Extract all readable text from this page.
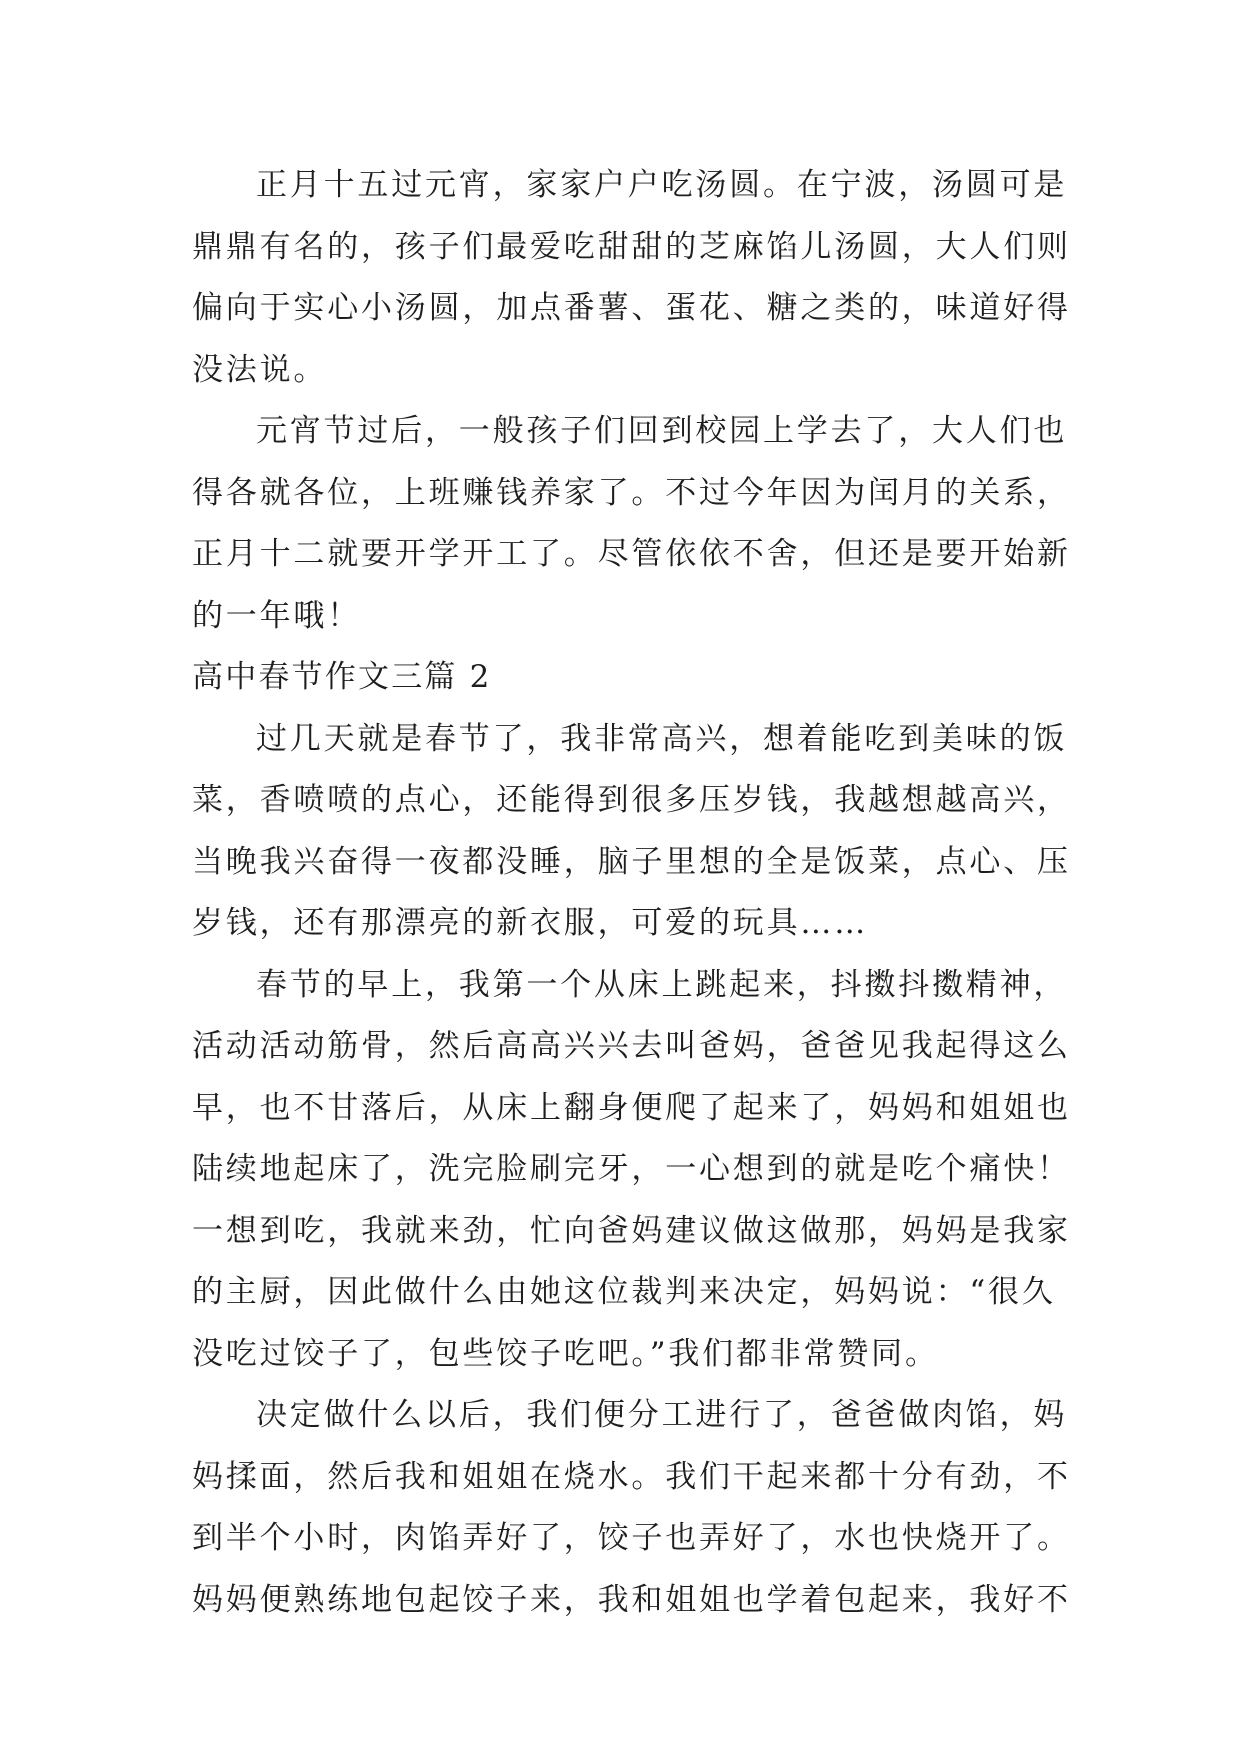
正月十五过元宵，家家户户吃汤圆。在宁波，汤圆可是
鼎鼎有名的，孩子们最爱吃甜甜的芝麻馅儿汤圆，大人们则
偏向于实心小汤圆，加点番薯、蛋花、糖之类的，味道好得
没法说。
元宵节过后，一般孩子们回到校园上学去了，大人们也
得各就各位，上班赚钱养家了。不过今年因为闰月的关系，
正月十二就要开学开工了。尽管依依不舍，但还是要开始新
的一年哦！
高中春节作文三篇 2
过几天就是春节了，我非常高兴，想着能吃到美味的饭
菜，香喷喷的点心，还能得到很多压岁钱，我越想越高兴，
当晚我兴奋得一夜都没睡，脑子里想的全是饭菜，点心、压
岁钱，还有那漂亮的新衣服，可爱的玩具……
春节的早上，我第一个从床上跳起来，抖擞抖擞精神，
活动活动筋骨，然后高高兴兴去叫爸妈，爸爸见我起得这么
早，也不甘落后，从床上翻身便爬了起来了，妈妈和姐姐也
陆续地起床了，洗完脸刷完牙，一心想到的就是吃个痛快！
一想到吃，我就来劲，忙向爸妈建议做这做那，妈妈是我家
的主厨，因此做什么由她这位裁判来决定，妈妈说：“很久
没吃过饺子了，包些饺子吃吧。”我们都非常赞同。
决定做什么以后，我们便分工进行了，爸爸做肉馅，妈
妈揉面，然后我和姐姐在烧水。我们干起来都十分有劲，不
到半个小时，肉馅弄好了，饺子也弄好了，水也快烧开了。
妈妈便熟练地包起饺子来，我和姐姐也学着包起来，我好不
